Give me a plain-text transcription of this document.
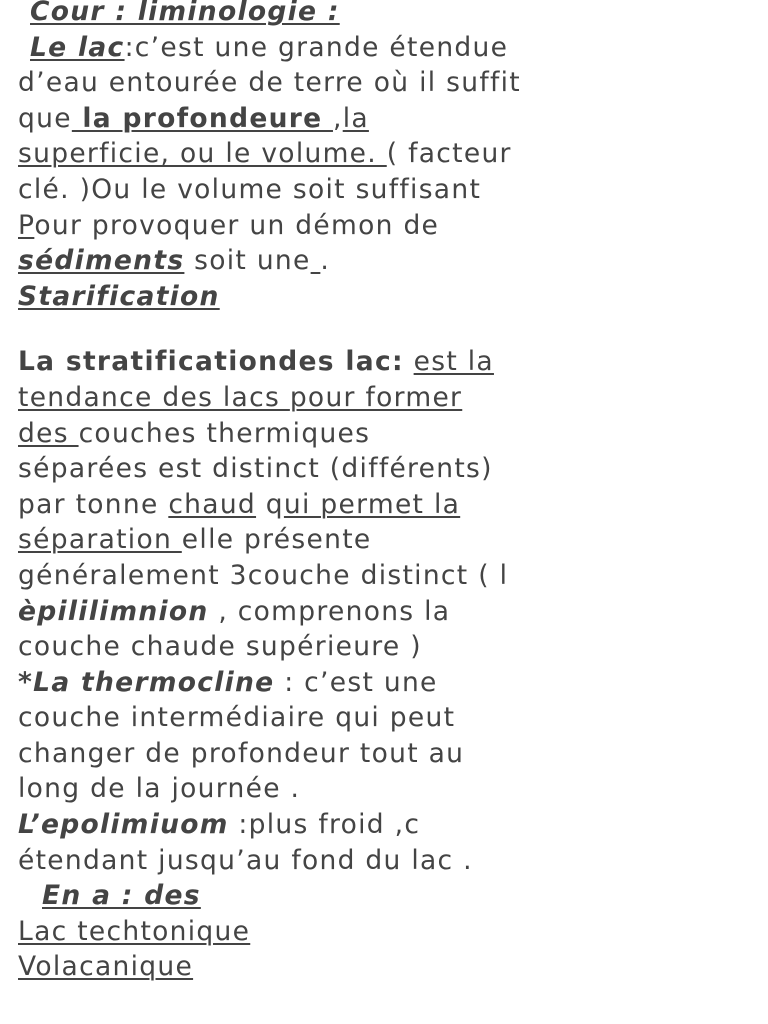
Cour : liminologie :
Le lac:c’est une grande étendue
d’eau entourée de terre où il suffit
que la profondeure ,la
superficie, ou le volume. ( facteur
clé. )Ou le volume soit suffisant
Pour provoquer un démon de
sédiments soit une .
Starification
La stratificationdes lac: est la
tendance des lacs pour former
des couches thermiques
séparées est distinct (différents)
par tonne chaud qui permet la
séparation elle présente
généralement 3couche distinct ( l
èpililimnion , comprenons la
couche chaude supérieure )
*La thermocline : c’est une
couche intermédiaire qui peut
changer de profondeur tout au
long de la journée .
L’epolimiuom :plus froid ,c
étendant jusqu’au fond du lac .
En a : des
Lac techtonique
Volacanique
